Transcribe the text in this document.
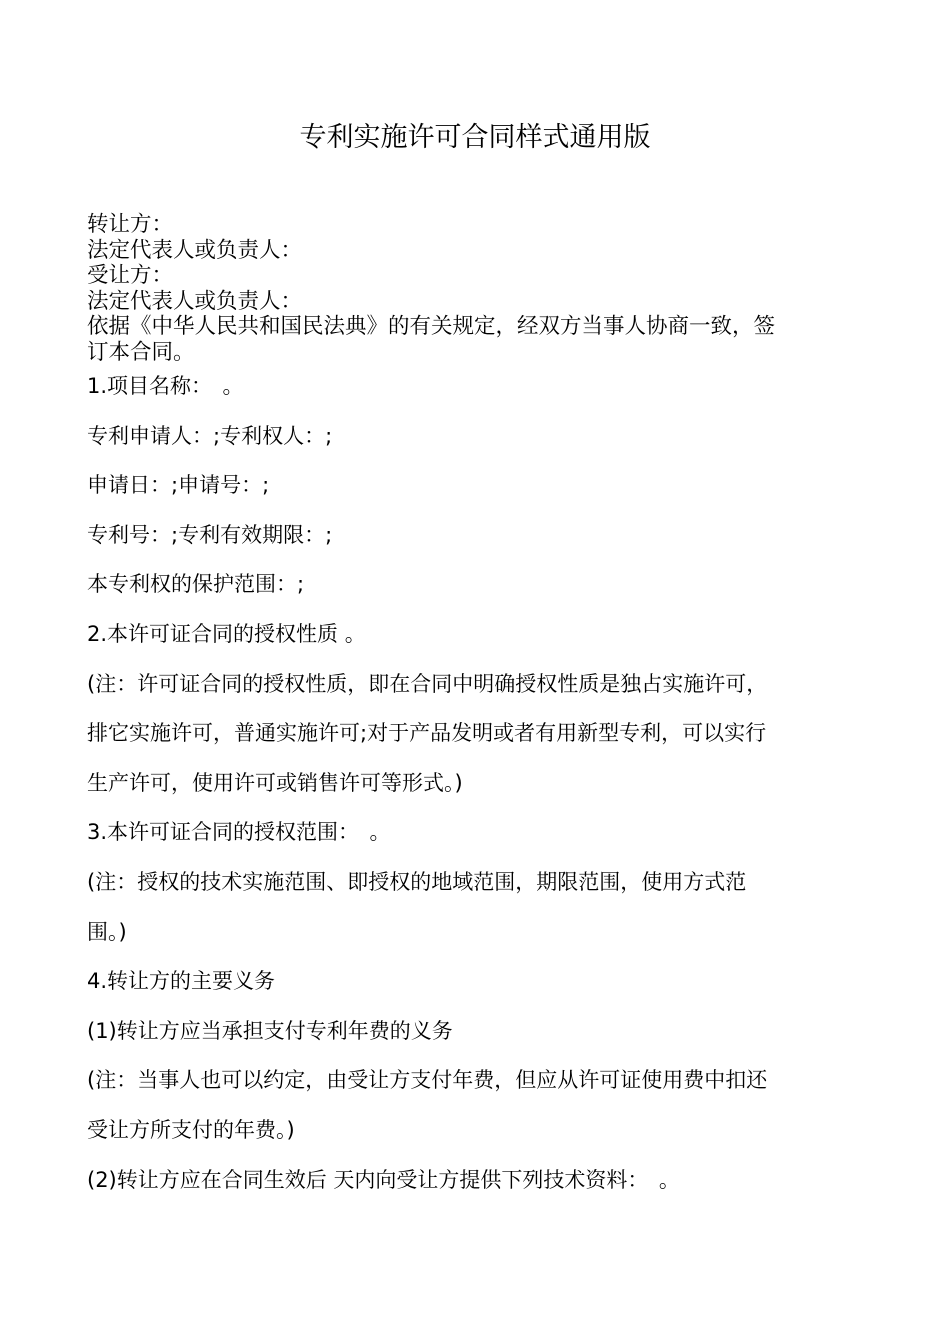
专利实施许可合同样式通用版
转让方：
法定代表人或负责人：
受让方：
法定代表人或负责人：
依据《中华人民共和国民法典》的有关规定，经双方当事人协商一致，签
订本合同。
1.项目名称：　。
专利申请人：;专利权人：;
申请日：;申请号：;
专利号：;专利有效期限：;
本专利权的保护范围：;
2.本许可证合同的授权性质 。
(注：许可证合同的授权性质，即在合同中明确授权性质是独占实施许可，
排它实施许可，普通实施许可;对于产品发明或者有用新型专利，可以实行
生产许可，使用许可或销售许可等形式。)
3.本许可证合同的授权范围：　。
(注：授权的技术实施范围、即授权的地域范围，期限范围，使用方式范
围。)
4.转让方的主要义务
(1)转让方应当承担支付专利年费的义务
(注：当事人也可以约定，由受让方支付年费，但应从许可证使用费中扣还
受让方所支付的年费。)
(2)转让方应在合同生效后 天内向受让方提供下列技术资料：　。
